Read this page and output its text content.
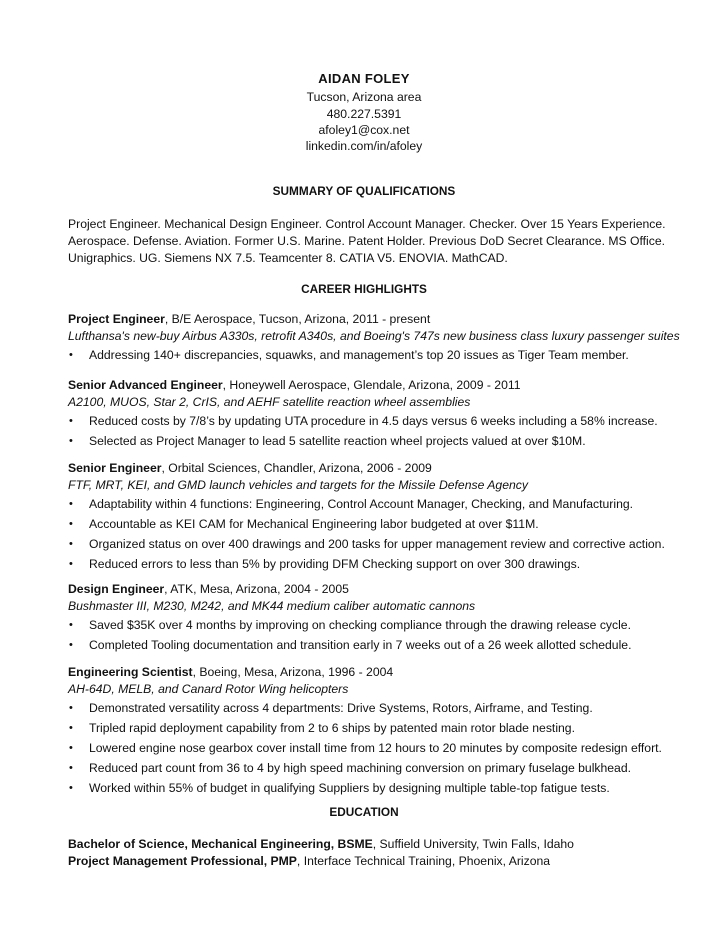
AIDAN FOLEY
Tucson, Arizona area
480.227.5391
afoley1@cox.net
linkedin.com/in/afoley
SUMMARY OF QUALIFICATIONS
Project Engineer. Mechanical Design Engineer. Control Account Manager. Checker. Over 15 Years Experience.
Aerospace. Defense. Aviation. Former U.S. Marine. Patent Holder. Previous DoD Secret Clearance. MS Office.
Unigraphics. UG. Siemens NX 7.5. Teamcenter 8. CATIA V5. ENOVIA. MathCAD.
CAREER HIGHLIGHTS
Project Engineer, B/E Aerospace, Tucson, Arizona, 2011 - present
Lufthansa's new-buy Airbus A330s, retrofit A340s, and Boeing's 747s new business class luxury passenger suites
• Addressing 140+ discrepancies, squawks, and management’s top 20 issues as Tiger Team member.
Senior Advanced Engineer, Honeywell Aerospace, Glendale, Arizona, 2009 - 2011
A2100, MUOS, Star 2, CrIS, and AEHF satellite reaction wheel assemblies
• Reduced costs by 7/8’s by updating UTA procedure in 4.5 days versus 6 weeks including a 58% increase.
• Selected as Project Manager to lead 5 satellite reaction wheel projects valued at over $10M.
Senior Engineer, Orbital Sciences, Chandler, Arizona, 2006 - 2009
FTF, MRT, KEI, and GMD launch vehicles and targets for the Missile Defense Agency
• Adaptability within 4 functions: Engineering, Control Account Manager, Checking, and Manufacturing.
• Accountable as KEI CAM for Mechanical Engineering labor budgeted at over $11M.
• Organized status on over 400 drawings and 200 tasks for upper management review and corrective action.
• Reduced errors to less than 5% by providing DFM Checking support on over 300 drawings.
Design Engineer, ATK, Mesa, Arizona, 2004 - 2005
Bushmaster III, M230, M242, and MK44 medium caliber automatic cannons
• Saved $35K over 4 months by improving on checking compliance through the drawing release cycle.
• Completed Tooling documentation and transition early in 7 weeks out of a 26 week allotted schedule.
Engineering Scientist, Boeing, Mesa, Arizona, 1996 - 2004
AH-64D, MELB, and Canard Rotor Wing helicopters
• Demonstrated versatility across 4 departments: Drive Systems, Rotors, Airframe, and Testing.
• Tripled rapid deployment capability from 2 to 6 ships by patented main rotor blade nesting.
• Lowered engine nose gearbox cover install time from 12 hours to 20 minutes by composite redesign effort.
• Reduced part count from 36 to 4 by high speed machining conversion on primary fuselage bulkhead.
• Worked within 55% of budget in qualifying Suppliers by designing multiple table-top fatigue tests.
EDUCATION
Bachelor of Science, Mechanical Engineering, BSME, Suffield University, Twin Falls, Idaho
Project Management Professional, PMP, Interface Technical Training, Phoenix, Arizona
